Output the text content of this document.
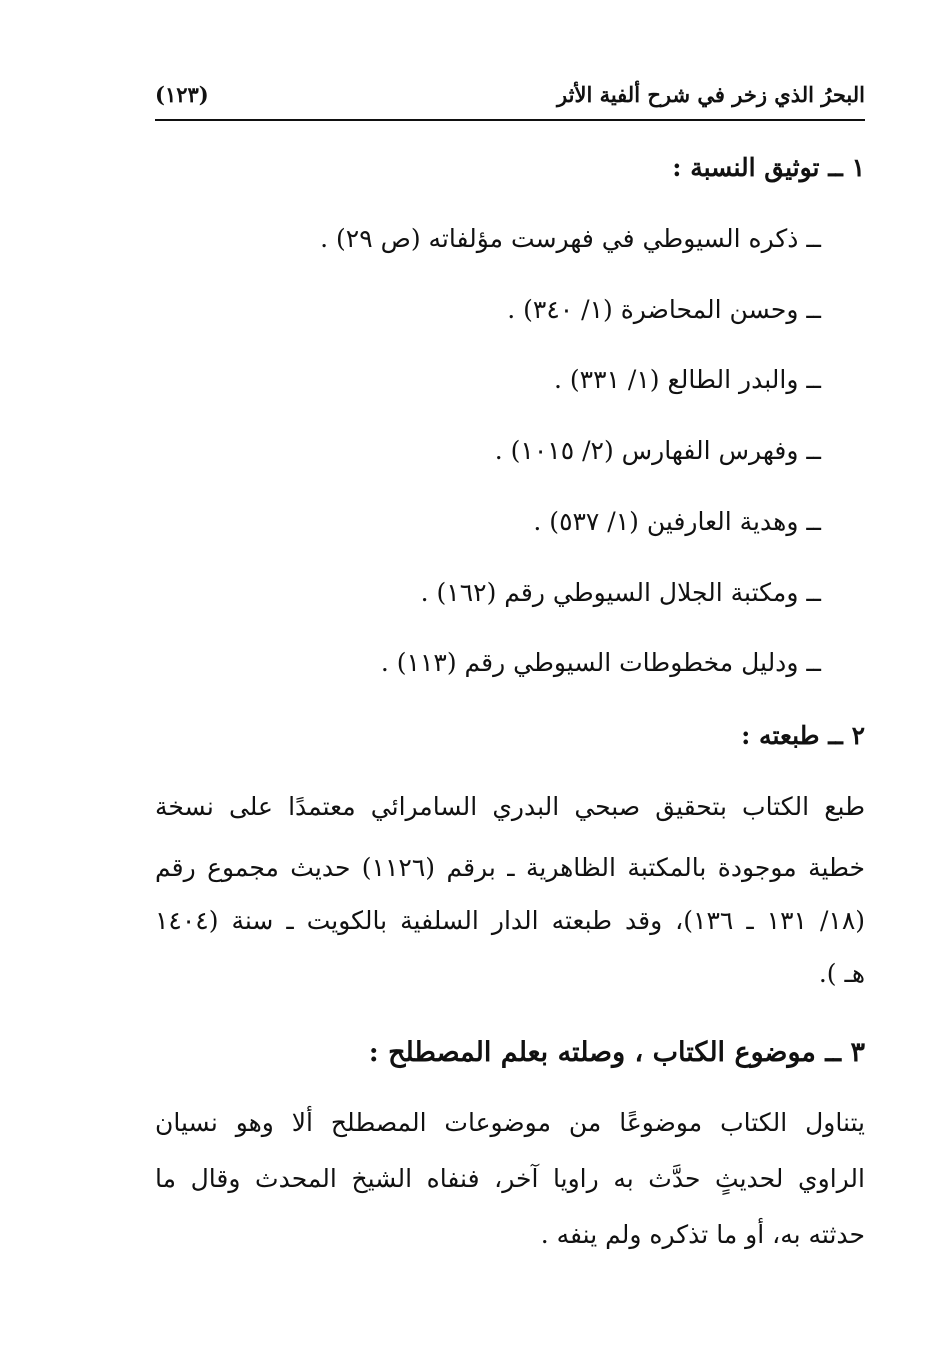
البحرُ الذي زخر في شرح ألفية الأثر
(١٢٣)
١ ــ توثيق النسبة :
ــ ذكره السيوطي في فهرست مؤلفاته (ص ٢٩) .
ــ وحسن المحاضرة (١/ ٣٤٠) .
ــ والبدر الطالع (١/ ٣٣١) .
ــ وفهرس الفهارس (٢/ ١٠١٥) .
ــ وهدية العارفين (١/ ٥٣٧) .
ــ ومكتبة الجلال السيوطي رقم (١٦٢) .
ــ ودليل مخطوطات السيوطي رقم (١١٣) .
٢ ــ طبعته :
طبع الكتاب بتحقيق صبحي البدري السامرائي معتمدًا على نسخة
خطية موجودة بالمكتبة الظاهرية ـ برقم (١١٢٦) حديث مجموع رقم
(١٨/ ١٣١ ـ ١٣٦)، وقد طبعته الدار السلفية بالكويت ـ سنة (١٤٠٤
هـ ).
٣ ــ موضوع الكتاب ، وصلته بعلم المصطلح :
يتناول الكتاب موضوعًا من موضوعات المصطلح ألا وهو نسيان
الراوي لحديثٍ حدَّث به راويا آخر، فنفاه الشيخ المحدث وقال ما
حدثته به، أو ما تذكره ولم ينفه .
